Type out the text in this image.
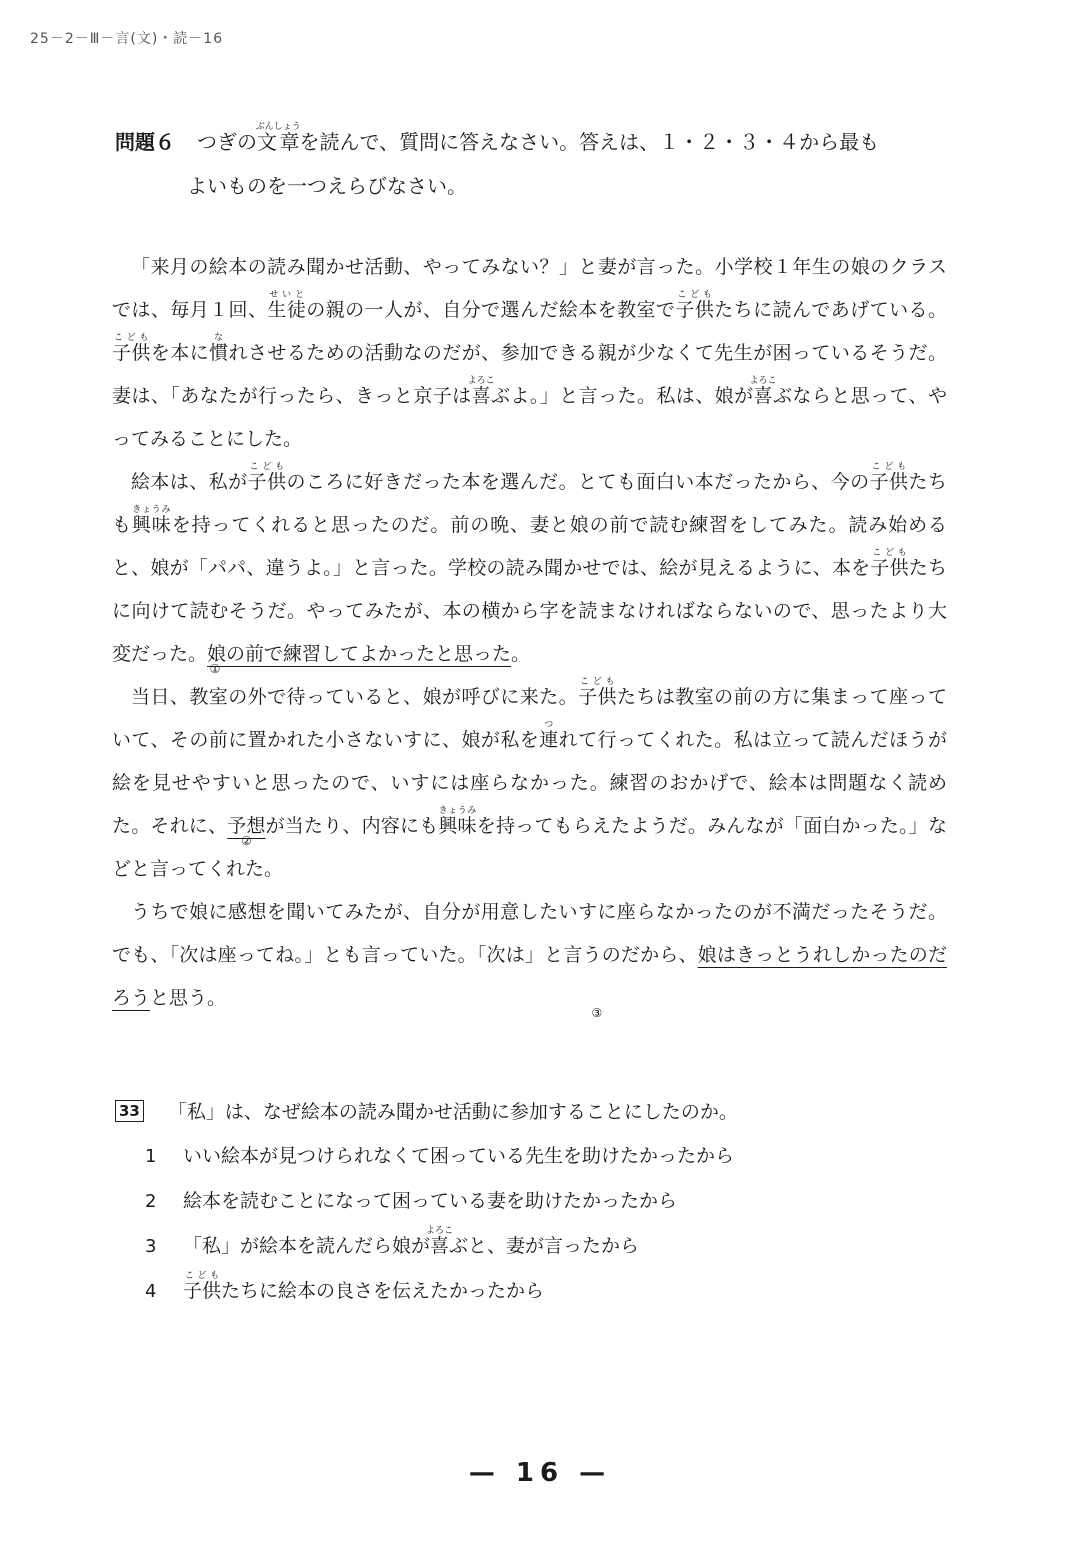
25－2－Ⅲ－言(文)・読－16
問題６ つぎの文章ぶんしょうを読んで、質問に答えなさい。答えは、１・２・３・４から最も
よいものを一つえらびなさい。

「来月の絵本の読み聞かせ活動、やってみない？」と妻が言った。小学校１年生の娘のクラスでは、毎月１回、生徒せいとの親の一人が、自分で選んだ絵本を教室で子供こどもたちに読んであげている。子供こどもを本に慣なれさせるための活動なのだが、参加できる親が少なくて先生が困っているそうだ。妻は、「あなたが行ったら、きっと京子は喜よろこぶよ。」と言った。私は、娘が喜よろこぶならと思って、やってみることにした。

絵本は、私が子供こどものころに好きだった本を選んだ。とても面白い本だったから、今の子供こどもたちも興味きょうみを持ってくれると思ったのだ。前の晩、妻と娘の前で読む練習をしてみた。読み始めると、娘が「パパ、違うよ。」と言った。学校の読み聞かせでは、絵が見えるように、本を子供こどもたちに向けて読むそうだ。やってみたが、本の横から字を読まなければならないので、思ったより大変だった。娘の前で練習してよかったと思った
①
。

当日、教室の外で待っていると、娘が呼びに来た。子供こどもたちは教室の前の方に集まって座っていて、その前に置かれた小さないすに、娘が私を連つれて行ってくれた。私は立って読んだほうが絵を見せやすいと思ったので、いすには座らなかった。練習のおかげで、絵本は問題なく読めた。それに、予想
②
が当たり、内容にも興味きょうみを持ってもらえたようだ。みんなが「面白かった。」などと言ってくれた。

うちで娘に感想を聞いてみたが、自分が用意したいすに座らなかったのが不満だったそうだ。でも、「次は座ってね。」とも言っていた。「次は」と言うのだから、娘はきっとうれしかったのだろう
③
と思う。

33 「私」は、なぜ絵本の読み聞かせ活動に参加することにしたのか。
1	いい絵本が見つけられなくて困っている先生を助けたかったから
2	絵本を読むことになって困っている妻を助けたかったから
3	「私」が絵本を読んだら娘が喜よろこぶと、妻が言ったから
4	子供こどもたちに絵本の良さを伝えたかったから
— 16 —
